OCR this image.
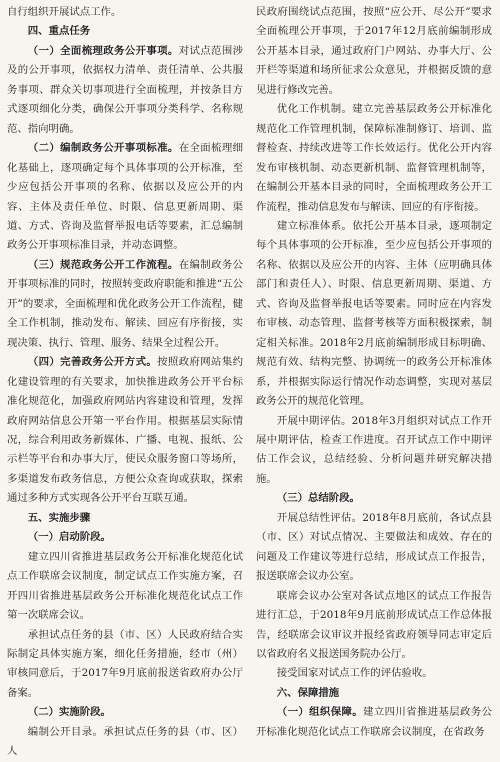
自行组织开展试点工作。

四、重点任务

（一）全面梳理政务公开事项。对试点范围涉及的公开事项，依据权力清单、责任清单、公共服务事项、群众关切事项进行全面梳理，并按条目方式逐项细化分类，确保公开事项分类科学、名称规范、指向明确。

（二）编制政务公开事项标准。在全面梳理细化基础上，逐项确定每个具体事项的公开标准，至少应包括公开事项的名称、依据以及应公开的内容、主体及责任单位、时限、信息更新周期、渠道、方式、咨询及监督举报电话等要素，汇总编制政务公开事项标准目录，并动态调整。

（三）规范政务公开工作流程。在编制政务公开事项标准的同时，按照转变政府职能和推进“五公开”的要求，全面梳理和优化政务公开工作流程，健全工作机制，推动发布、解读、回应有序衔接，实现决策、执行、管理、服务、结果全过程公开。

（四）完善政务公开方式。按照政府网站集约化建设管理的有关要求，加快推进政务公开平台标准化规范化，加强政府网站内容建设和管理，发挥政府网站信息公开第一平台作用。根据基层实际情况，综合利用政务新媒体、广播、电视、报纸、公示栏等平台和办事大厅，使民众服务窗口等场所，多渠道发布政务信息，方便公众查询或获取，探索通过多种方式实现各公开平台互联互通。

五、实施步骤

（一）启动阶段。

建立四川省推进基层政务公开标准化规范化试点工作联席会议制度，制定试点工作实施方案，召开四川省推进基层政务公开标准化规范化试点工作第一次联席会议。

承担试点任务的县（市、区）人民政府结合实际制定具体实施方案，细化任务措施，经市（州）审核同意后，于2017年9月底前报送省政府办公厅备案。

（二）实施阶段。

编制公开目录。承担试点任务的县（市、区）人

民政府围绕试点范围，按照“应公开、尽公开”要求全面梳理公开事项，于2017年12月底前编制形成公开基本目录，通过政府门户网站、办事大厅、公开栏等渠道和场所征求公众意见，并根据反馈的意见进行修改完善。

优化工作机制。建立完善基层政务公开标准化规范化工作管理机制，保障标准制修订、培训、监督检查、持续改进等工作长效运行。优化公开内容发布审核机制、动态更新机制、监督管理机制等，在编制公开基本目录的同时，全面梳理政务公开工作流程，推动信息发布与解读、回应的有序衔接。

建立标准体系。依托公开基本目录，逐项制定每个具体事项的公开标准，至少应包括公开事项的名称、依据以及应公开的内容、主体（应明确具体部门和责任人）、时限、信息更新周期、渠道、方式、咨询及监督举报电话等要素。同时应在内容发布审核、动态管理、监督考核等方面积极探索，制定相关标准。2018年2月底前编制形成目标明确、规范有效、结构完整、协调统一的政务公开标准体系，并根据实际运行情况作动态调整，实现对基层政务公开的规范化管理。

开展中期评估。2018年3月组织对试点工作开展中期评估，检查工作进度。召开试点工作中期评估工作会议，总结经验、分析问题并研究解决措施。

（三）总结阶段。

开展总结性评估。2018年8月底前，各试点县（市、区）对试点情况、主要做法和成效、存在的问题及工作建议等进行总结，形成试点工作报告，报送联席会议办公室。

联席会议办公室对各试点地区的试点工作报告进行汇总，于2018年9月底前形成试点工作总体报告，经联席会议审议并报经省政府领导同志审定后以省政府名义报送国务院办公厅。

接受国家对试点工作的评估验收。

六、保障措施

（一）组织保障。建立四川省推进基层政务公开标准化规范化试点工作联席会议制度，在省政务
